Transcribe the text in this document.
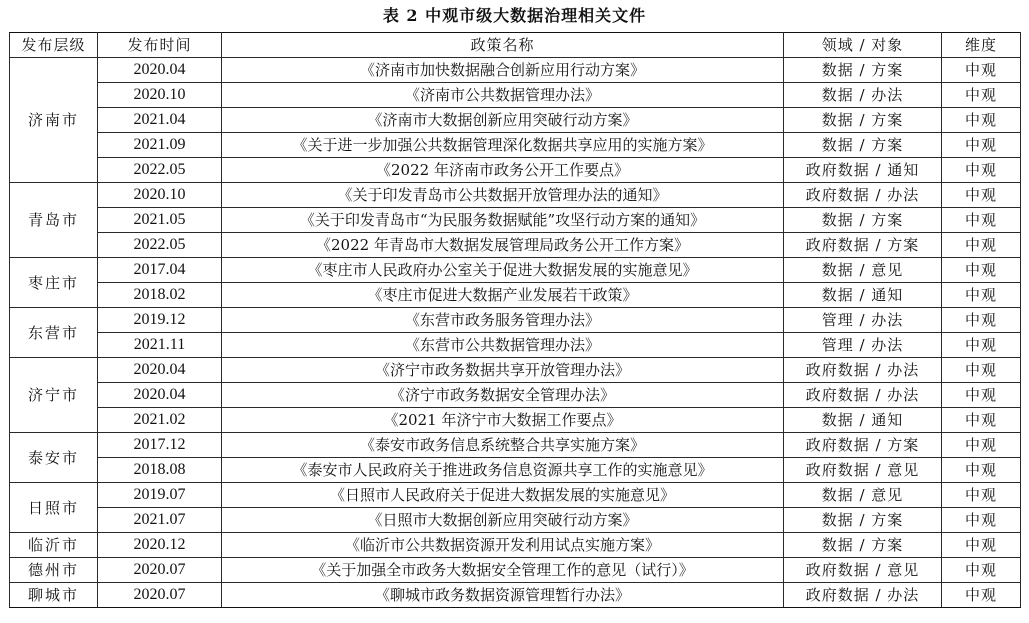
表 2 中观市级大数据治理相关文件
发布层级	发布时间	政策名称	领域 / 对象	维度
济南市	2020.04	《济南市加快数据融合创新应用行动方案》	数据 / 方案	中观
	2020.10	《济南市公共数据管理办法》	数据 / 办法	中观
	2021.04	《济南市大数据创新应用突破行动方案》	数据 / 方案	中观
	2021.09	《关于进一步加强公共数据管理深化数据共享应用的实施方案》	数据 / 方案	中观
	2022.05	《2022 年济南市政务公开工作要点》	政府数据 / 通知	中观
青岛市	2020.10	《关于印发青岛市公共数据开放管理办法的通知》	政府数据 / 办法	中观
	2021.05	《关于印发青岛市“为民服务数据赋能”攻坚行动方案的通知》	数据 / 方案	中观
	2022.05	《2022 年青岛市大数据发展管理局政务公开工作方案》	政府数据 / 方案	中观
枣庄市	2017.04	《枣庄市人民政府办公室关于促进大数据发展的实施意见》	数据 / 意见	中观
	2018.02	《枣庄市促进大数据产业发展若干政策》	数据 / 通知	中观
东营市	2019.12	《东营市政务服务管理办法》	管理 / 办法	中观
	2021.11	《东营市公共数据管理办法》	管理 / 办法	中观
济宁市	2020.04	《济宁市政务数据共享开放管理办法》	政府数据 / 办法	中观
	2020.04	《济宁市政务数据安全管理办法》	政府数据 / 办法	中观
	2021.02	《2021 年济宁市大数据工作要点》	数据 / 通知	中观
泰安市	2017.12	《泰安市政务信息系统整合共享实施方案》	政府数据 / 方案	中观
	2018.08	《泰安市人民政府关于推进政务信息资源共享工作的实施意见》	政府数据 / 意见	中观
日照市	2019.07	《日照市人民政府关于促进大数据发展的实施意见》	数据 / 意见	中观
	2021.07	《日照市大数据创新应用突破行动方案》	数据 / 方案	中观
临沂市	2020.12	《临沂市公共数据资源开发利用试点实施方案》	数据 / 方案	中观
德州市	2020.07	《关于加强全市政务大数据安全管理工作的意见（试行）》	政府数据 / 意见	中观
聊城市	2020.07	《聊城市政务数据资源管理暂行办法》	政府数据 / 办法	中观
